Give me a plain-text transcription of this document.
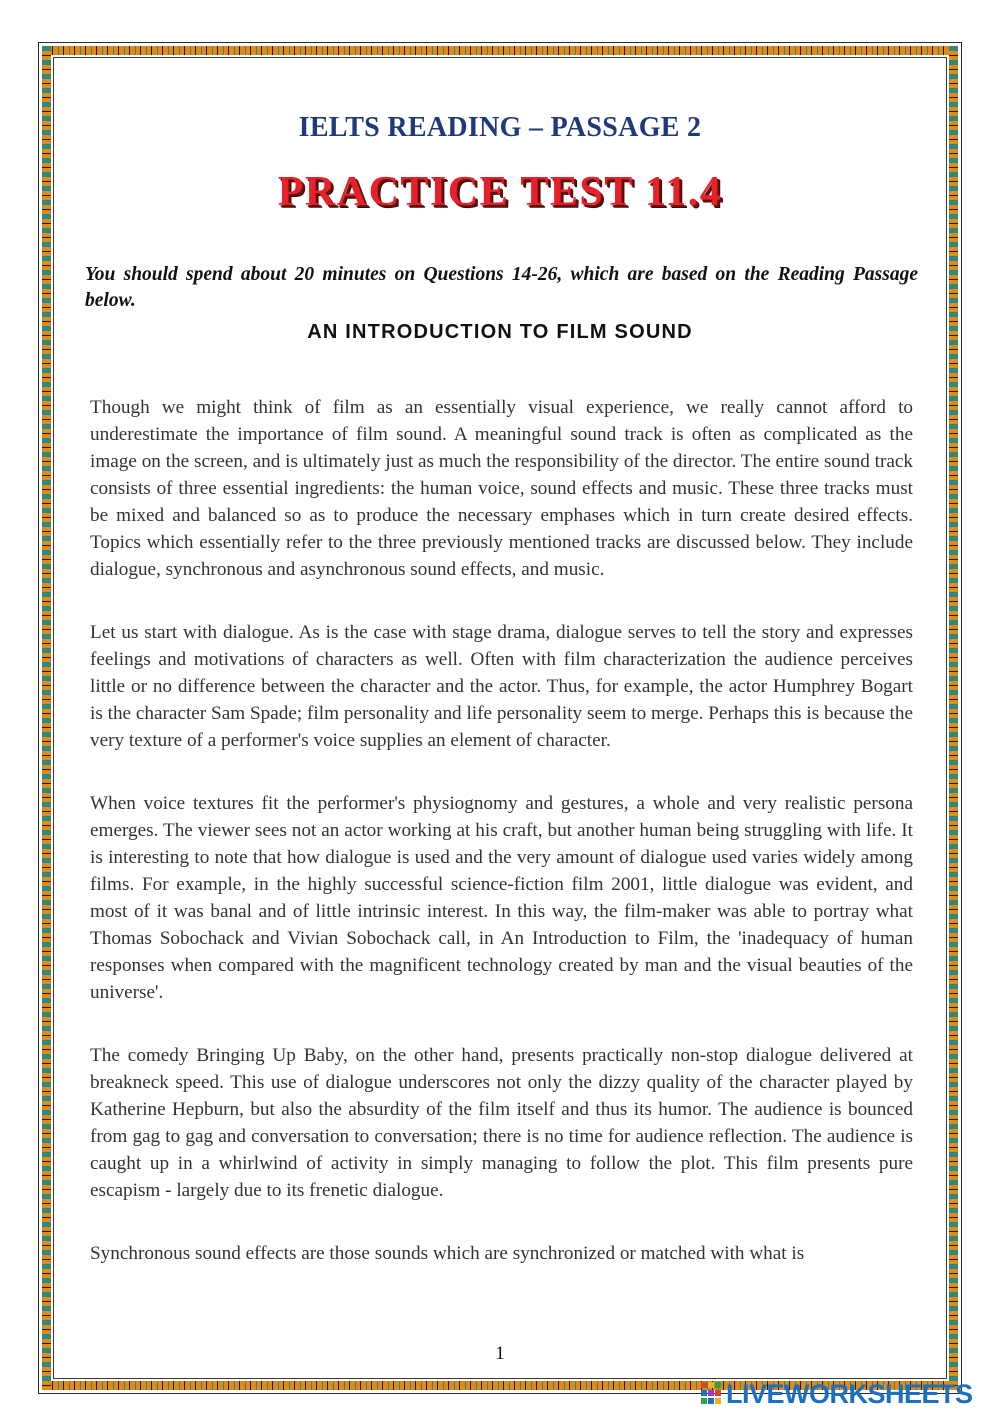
IELTS READING – PASSAGE 2
PRACTICE TEST 11.4
You should spend about 20 minutes on Questions 14-26, which are based on the Reading Passage below.
AN INTRODUCTION TO FILM SOUND

Though we might think of film as an essentially visual experience, we really cannot afford to underestimate the importance of film sound. A meaningful sound track is often as complicated as the image on the screen, and is ultimately just as much the responsibility of the director. The entire sound track consists of three essential ingredients: the human voice, sound effects and music. These three tracks must be mixed and balanced so as to produce the necessary emphases which in turn create desired effects. Topics which essentially refer to the three previously mentioned tracks are discussed below. They include dialogue, synchronous and asynchronous sound effects, and music.

Let us start with dialogue. As is the case with stage drama, dialogue serves to tell the story and expresses feelings and motivations of characters as well. Often with film characterization the audience perceives little or no difference between the character and the actor. Thus, for example, the actor Humphrey Bogart is the character Sam Spade; film personality and life personality seem to merge. Perhaps this is because the very texture of a performer's voice supplies an element of character.

When voice textures fit the performer's physiognomy and gestures, a whole and very realistic persona emerges. The viewer sees not an actor working at his craft, but another human being struggling with life. It is interesting to note that how dialogue is used and the very amount of dialogue used varies widely among films. For example, in the highly successful science-fiction film 2001, little dialogue was evident, and most of it was banal and of little intrinsic interest. In this way, the film-maker was able to portray what Thomas Sobochack and Vivian Sobochack call, in An Introduction to Film, the 'inadequacy of human responses when compared with the magnificent technology created by man and the visual beauties of the universe'.

The comedy Bringing Up Baby, on the other hand, presents practically non-stop dialogue delivered at breakneck speed. This use of dialogue underscores not only the dizzy quality of the character played by Katherine Hepburn, but also the absurdity of the film itself and thus its humor. The audience is bounced from gag to gag and conversation to conversation; there is no time for audience reflection. The audience is caught up in a whirlwind of activity in simply managing to follow the plot. This film presents pure escapism - largely due to its frenetic dialogue.

Synchronous sound effects are those sounds which are synchronized or matched with what is

1
LIVEWORKSHEETS
